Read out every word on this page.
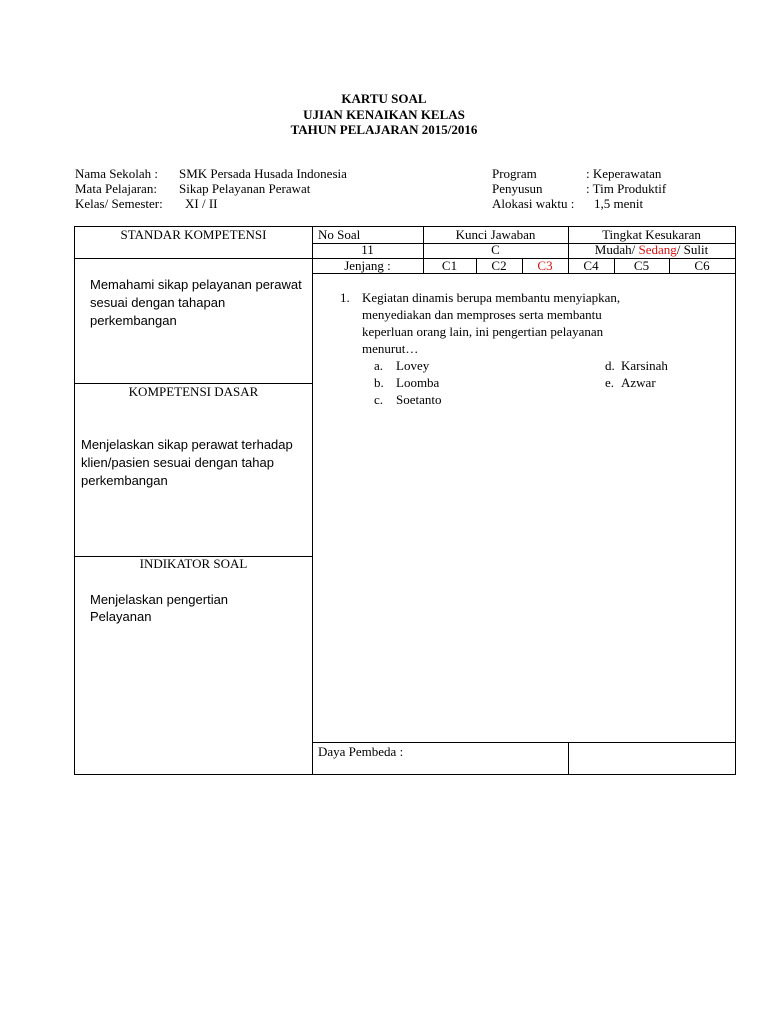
KARTU SOAL
UJIAN KENAIKAN KELAS
TAHUN PELAJARAN 2015/2016
Nama Sekolah : SMK Persada Husada Indonesia
Mata Pelajaran: Sikap Pelayanan Perawat
Kelas/ Semester: XI / II
Program	: Keperawatan
Penyusun	: Tim Produktif
Alokasi waktu : 1,5 menit
STANDAR KOMPETENSI
Memahami sikap pelayanan perawat sesuai dengan tahapan perkembangan
KOMPETENSI DASAR
Menjelaskan sikap perawat terhadap klien/pasien sesuai dengan tahap perkembangan
INDIKATOR SOAL
Menjelaskan pengertian
Pelayanan
No Soal	Kunci Jawaban	Tingkat Kesukaran
11	C	Mudah/ Sedang/ Sulit
Jenjang :	C1	C2	C3	C4	C5	C6
1. Kegiatan dinamis berupa membantu menyiapkan,
menyediakan dan memproses serta membantu
keperluan orang lain, ini pengertian pelayanan
menurut…
a. Lovey
b. Loomba
c. Soetanto
d. Karsinah
e. Azwar
Daya Pembeda :
